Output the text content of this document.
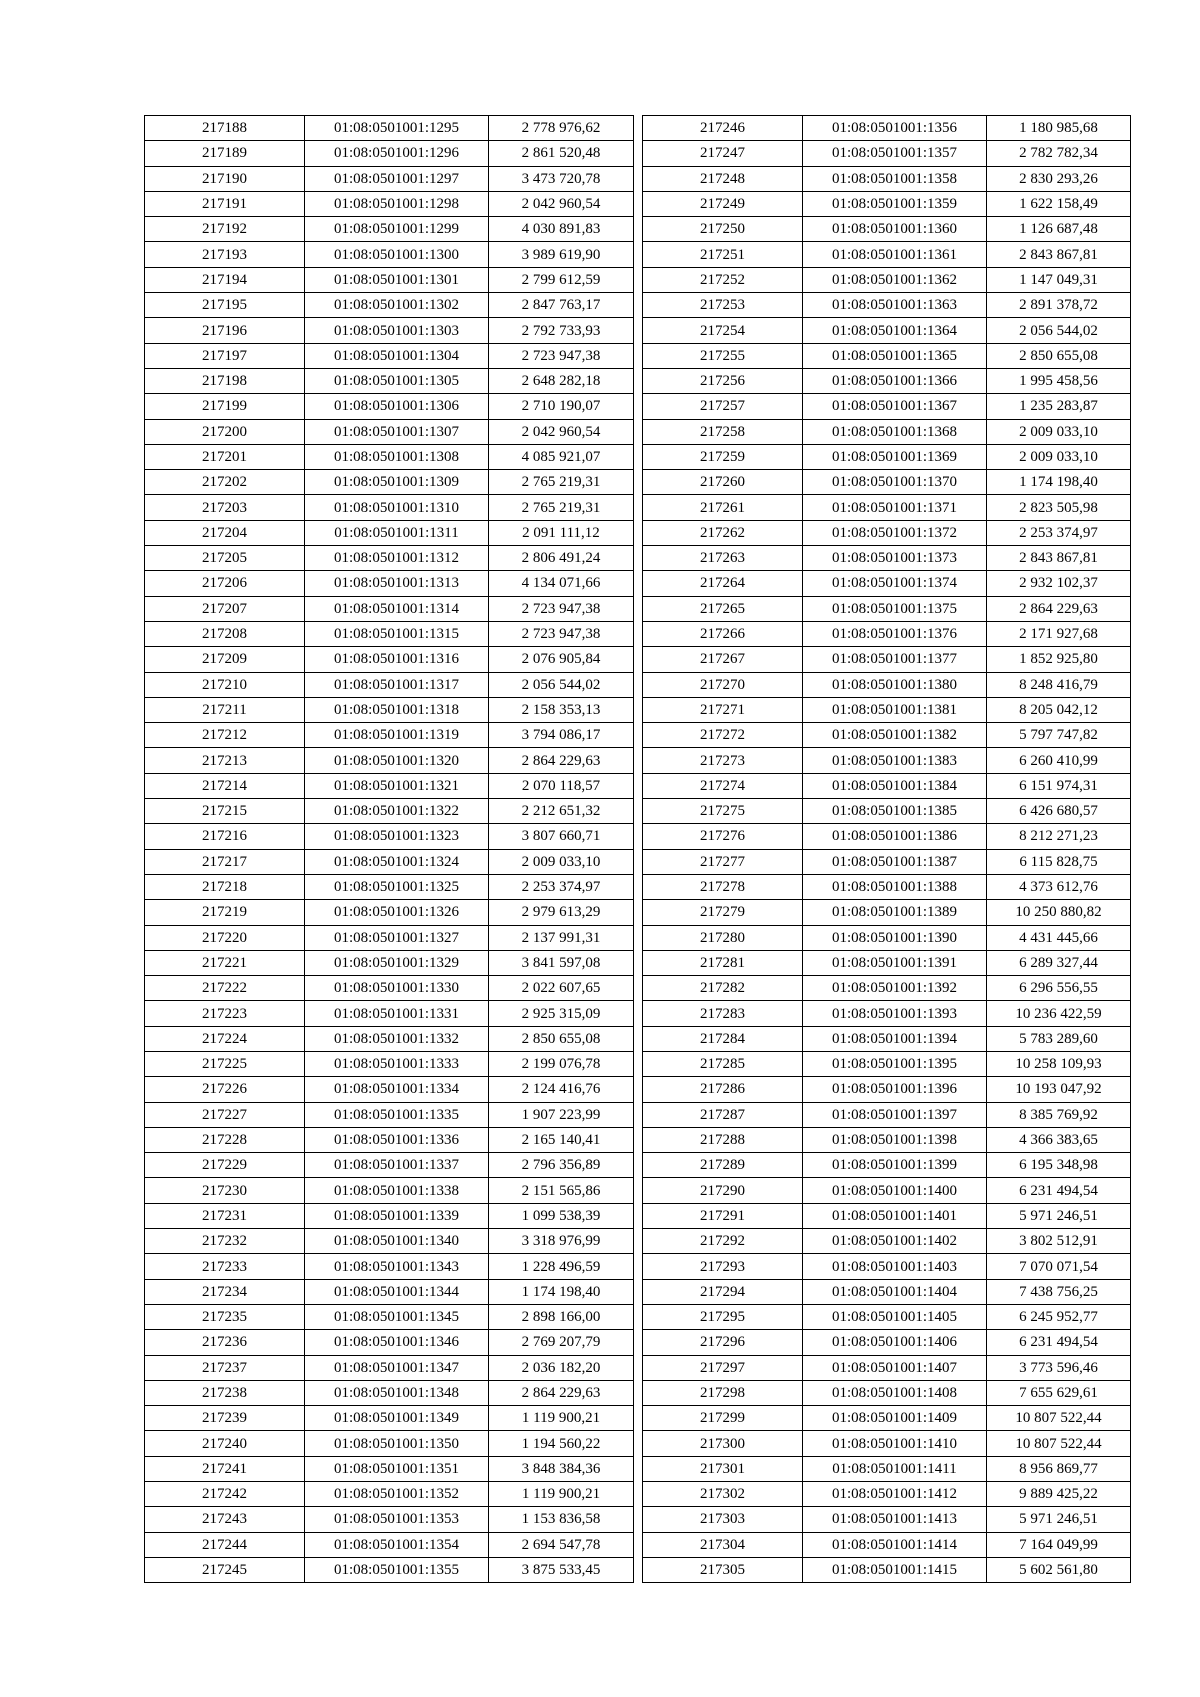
217188	01:08:0501001:1295	2 778 976,62
217189	01:08:0501001:1296	2 861 520,48
217190	01:08:0501001:1297	3 473 720,78
217191	01:08:0501001:1298	2 042 960,54
217192	01:08:0501001:1299	4 030 891,83
217193	01:08:0501001:1300	3 989 619,90
217194	01:08:0501001:1301	2 799 612,59
217195	01:08:0501001:1302	2 847 763,17
217196	01:08:0501001:1303	2 792 733,93
217197	01:08:0501001:1304	2 723 947,38
217198	01:08:0501001:1305	2 648 282,18
217199	01:08:0501001:1306	2 710 190,07
217200	01:08:0501001:1307	2 042 960,54
217201	01:08:0501001:1308	4 085 921,07
217202	01:08:0501001:1309	2 765 219,31
217203	01:08:0501001:1310	2 765 219,31
217204	01:08:0501001:1311	2 091 111,12
217205	01:08:0501001:1312	2 806 491,24
217206	01:08:0501001:1313	4 134 071,66
217207	01:08:0501001:1314	2 723 947,38
217208	01:08:0501001:1315	2 723 947,38
217209	01:08:0501001:1316	2 076 905,84
217210	01:08:0501001:1317	2 056 544,02
217211	01:08:0501001:1318	2 158 353,13
217212	01:08:0501001:1319	3 794 086,17
217213	01:08:0501001:1320	2 864 229,63
217214	01:08:0501001:1321	2 070 118,57
217215	01:08:0501001:1322	2 212 651,32
217216	01:08:0501001:1323	3 807 660,71
217217	01:08:0501001:1324	2 009 033,10
217218	01:08:0501001:1325	2 253 374,97
217219	01:08:0501001:1326	2 979 613,29
217220	01:08:0501001:1327	2 137 991,31
217221	01:08:0501001:1329	3 841 597,08
217222	01:08:0501001:1330	2 022 607,65
217223	01:08:0501001:1331	2 925 315,09
217224	01:08:0501001:1332	2 850 655,08
217225	01:08:0501001:1333	2 199 076,78
217226	01:08:0501001:1334	2 124 416,76
217227	01:08:0501001:1335	1 907 223,99
217228	01:08:0501001:1336	2 165 140,41
217229	01:08:0501001:1337	2 796 356,89
217230	01:08:0501001:1338	2 151 565,86
217231	01:08:0501001:1339	1 099 538,39
217232	01:08:0501001:1340	3 318 976,99
217233	01:08:0501001:1343	1 228 496,59
217234	01:08:0501001:1344	1 174 198,40
217235	01:08:0501001:1345	2 898 166,00
217236	01:08:0501001:1346	2 769 207,79
217237	01:08:0501001:1347	2 036 182,20
217238	01:08:0501001:1348	2 864 229,63
217239	01:08:0501001:1349	1 119 900,21
217240	01:08:0501001:1350	1 194 560,22
217241	01:08:0501001:1351	3 848 384,36
217242	01:08:0501001:1352	1 119 900,21
217243	01:08:0501001:1353	1 153 836,58
217244	01:08:0501001:1354	2 694 547,78
217245	01:08:0501001:1355	3 875 533,45
217246	01:08:0501001:1356	1 180 985,68
217247	01:08:0501001:1357	2 782 782,34
217248	01:08:0501001:1358	2 830 293,26
217249	01:08:0501001:1359	1 622 158,49
217250	01:08:0501001:1360	1 126 687,48
217251	01:08:0501001:1361	2 843 867,81
217252	01:08:0501001:1362	1 147 049,31
217253	01:08:0501001:1363	2 891 378,72
217254	01:08:0501001:1364	2 056 544,02
217255	01:08:0501001:1365	2 850 655,08
217256	01:08:0501001:1366	1 995 458,56
217257	01:08:0501001:1367	1 235 283,87
217258	01:08:0501001:1368	2 009 033,10
217259	01:08:0501001:1369	2 009 033,10
217260	01:08:0501001:1370	1 174 198,40
217261	01:08:0501001:1371	2 823 505,98
217262	01:08:0501001:1372	2 253 374,97
217263	01:08:0501001:1373	2 843 867,81
217264	01:08:0501001:1374	2 932 102,37
217265	01:08:0501001:1375	2 864 229,63
217266	01:08:0501001:1376	2 171 927,68
217267	01:08:0501001:1377	1 852 925,80
217270	01:08:0501001:1380	8 248 416,79
217271	01:08:0501001:1381	8 205 042,12
217272	01:08:0501001:1382	5 797 747,82
217273	01:08:0501001:1383	6 260 410,99
217274	01:08:0501001:1384	6 151 974,31
217275	01:08:0501001:1385	6 426 680,57
217276	01:08:0501001:1386	8 212 271,23
217277	01:08:0501001:1387	6 115 828,75
217278	01:08:0501001:1388	4 373 612,76
217279	01:08:0501001:1389	10 250 880,82
217280	01:08:0501001:1390	4 431 445,66
217281	01:08:0501001:1391	6 289 327,44
217282	01:08:0501001:1392	6 296 556,55
217283	01:08:0501001:1393	10 236 422,59
217284	01:08:0501001:1394	5 783 289,60
217285	01:08:0501001:1395	10 258 109,93
217286	01:08:0501001:1396	10 193 047,92
217287	01:08:0501001:1397	8 385 769,92
217288	01:08:0501001:1398	4 366 383,65
217289	01:08:0501001:1399	6 195 348,98
217290	01:08:0501001:1400	6 231 494,54
217291	01:08:0501001:1401	5 971 246,51
217292	01:08:0501001:1402	3 802 512,91
217293	01:08:0501001:1403	7 070 071,54
217294	01:08:0501001:1404	7 438 756,25
217295	01:08:0501001:1405	6 245 952,77
217296	01:08:0501001:1406	6 231 494,54
217297	01:08:0501001:1407	3 773 596,46
217298	01:08:0501001:1408	7 655 629,61
217299	01:08:0501001:1409	10 807 522,44
217300	01:08:0501001:1410	10 807 522,44
217301	01:08:0501001:1411	8 956 869,77
217302	01:08:0501001:1412	9 889 425,22
217303	01:08:0501001:1413	5 971 246,51
217304	01:08:0501001:1414	7 164 049,99
217305	01:08:0501001:1415	5 602 561,80
